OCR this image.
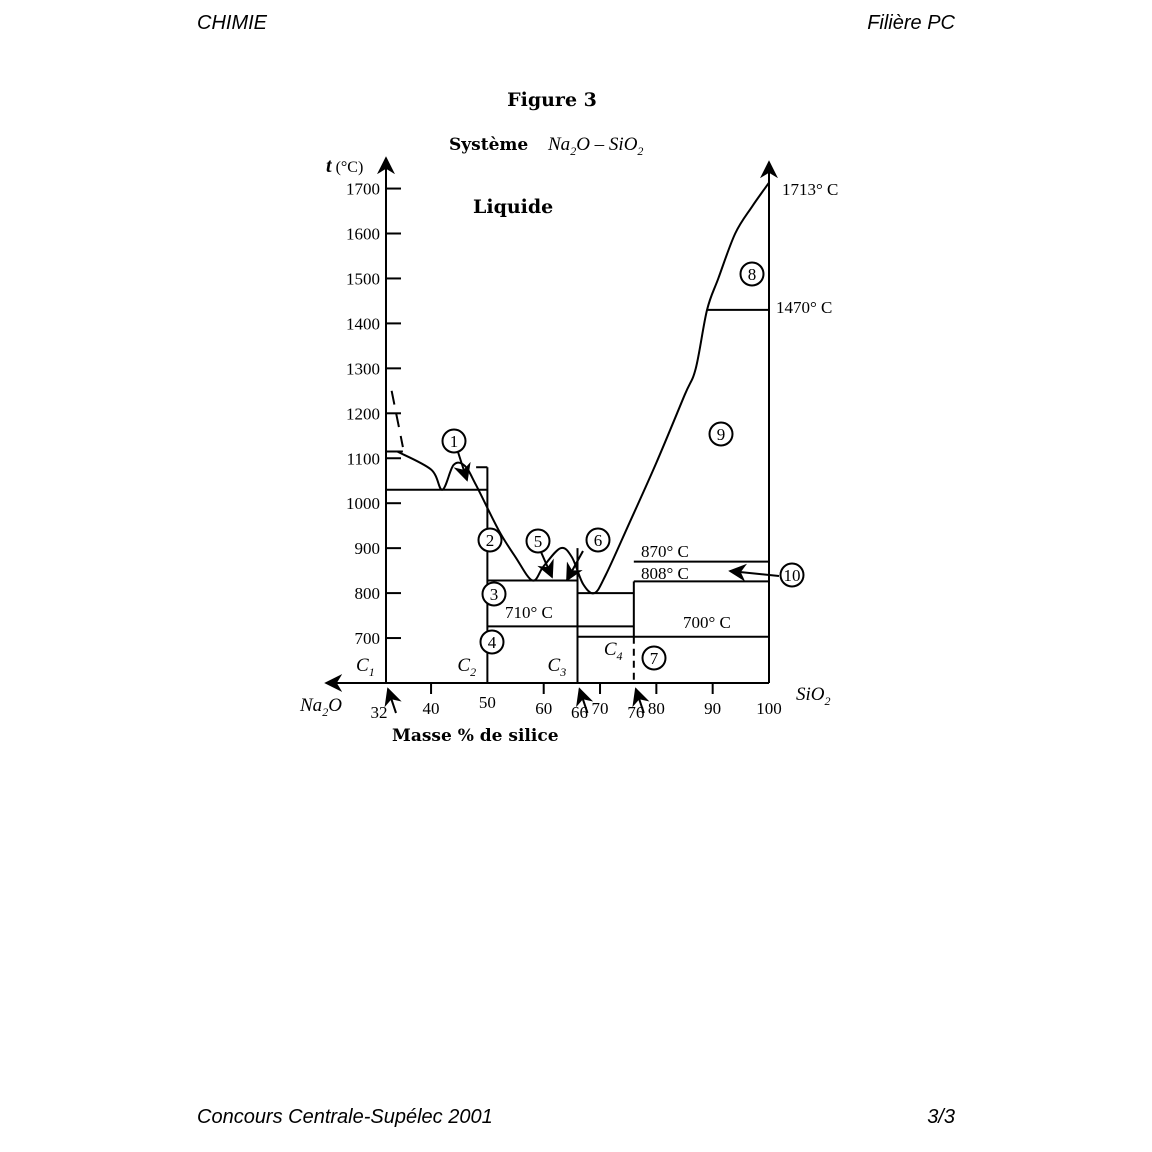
CHIMIE	Filière PC
Concours Centrale-Supélec 2001	3/3
Figure 3
Système $Na_2O - SiO_2$
Liquide
t (°C)
Masse % de silice
$Na_2O$
SiO$_2$
700
800
900
1000
1100
1200
1300
1400
1500
1600
1700
32 40 50 60 66 70 76 80 90 100
$C_1$	$C_2$	$C_3$
$C_4$
1713° C
1470° C
870° C
808° C
710° C
700° C
1
2
3
4
5	6
7
8
9
10
